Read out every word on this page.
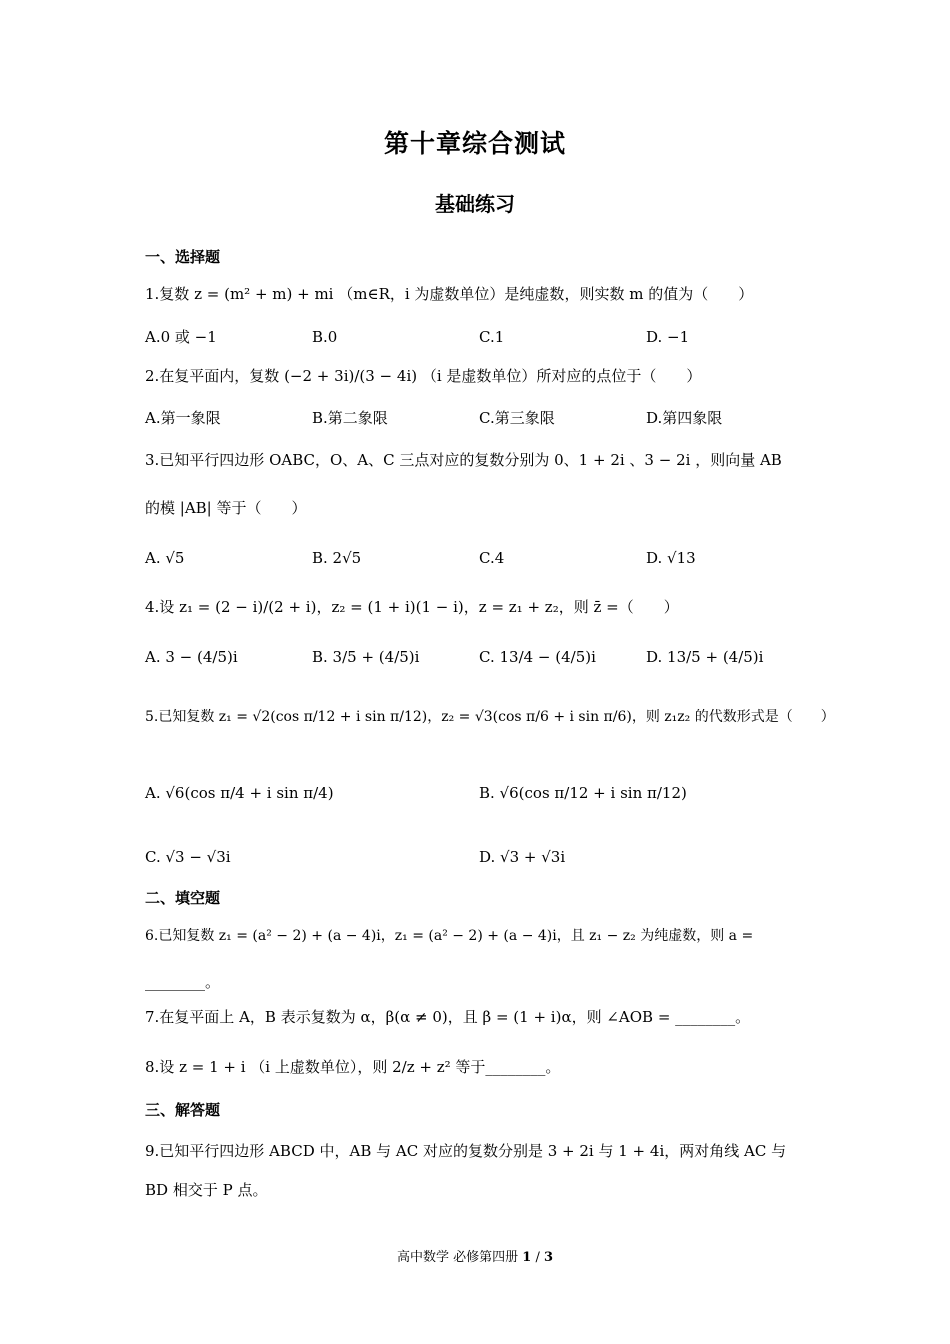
第十章综合测试
基础练习
一、选择题
1.复数 z = (m² + m) + mi （m∈R，i 为虚数单位）是纯虚数，则实数 m 的值为（　　）
A.0 或 −1	B.0	C.1	D. −1
2.在复平面内，复数 (−2 + 3i)/(3 − 4i) （i 是虚数单位）所对应的点位于（　　）
A.第一象限	B.第二象限	C.第三象限	D.第四象限
3.已知平行四边形 OABC，O、A、C 三点对应的复数分别为 0、1 + 2i 、3 − 2i ，则向量 AB
的模 |AB| 等于（　　）
A. √5	B. 2√5	C.4	D. √13
4.设 z₁ = (2 − i)/(2 + i)，z₂ = (1 + i)(1 − i)，z = z₁ + z₂，则 z̄ =（　　）
A. 3 − (4/5)i	B. 3/5 + (4/5)i	C. 13/4 − (4/5)i	D. 13/5 + (4/5)i
5.已知复数 z₁ = √2(cos π/12 + i sin π/12)，z₂ = √3(cos π/6 + i sin π/6)，则 z₁z₂ 的代数形式是（　　）
A. √6(cos π/4 + i sin π/4)	B. √6(cos π/12 + i sin π/12)
C. √3 − √3i	D. √3 + √3i
二、填空题
6.已知复数 z₁ = (a² − 2) + (a − 4)i，z₁ = (a² − 2) + (a − 4)i，且 z₁ − z₂ 为纯虚数，则 a =
________。
7.在复平面上 A，B 表示复数为 α，β(α ≠ 0)，且 β = (1 + i)α，则 ∠AOB = ________。
8.设 z = 1 + i （i 上虚数单位），则 2/z + z² 等于________。
三、解答题
9.已知平行四边形 ABCD 中，AB 与 AC 对应的复数分别是 3 + 2i 与 1 + 4i，两对角线 AC 与
BD 相交于 P 点。
高中数学 必修第四册 1 / 3
